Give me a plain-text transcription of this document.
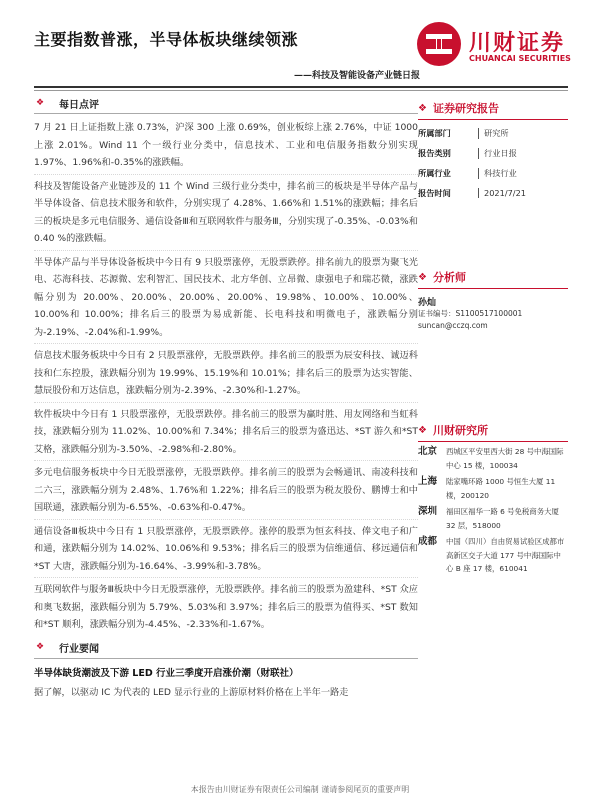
主要指数普涨，半导体板块继续领涨
——科技及智能设备产业链日报
川财证券
CHUANCAI SECURITIES
❖ 每日点评

7 月 21 日上证指数上涨 0.73%，沪深 300 上涨 0.69%，创业板综上涨 2.76%，中证 1000 上涨 2.01%。Wind 11 个一级行业分类中，信息技术、工业和电信服务指数分别实现 1.97%、1.96%和-0.35%的涨跌幅。

科技及智能设备产业链涉及的 11 个 Wind 三级行业分类中，排名前三的板块是半导体产品与半导体设备、信息技术服务和软件，分别实现了 4.28%、1.66%和 1.51%的涨跌幅；排名后三的板块是多元电信服务、通信设备Ⅲ和互联网软件与服务Ⅲ，分别实现了-0.35%、-0.03%和 0.40 %的涨跌幅。

半导体产品与半导体设备板块中今日有 9 只股票涨停，无股票跌停。排名前九的股票为聚飞光电、芯海科技、芯源微、宏利智汇、国民技术、北方华创、立昂微、康强电子和瑞芯微，涨跌幅分别为 20.00%、20.00%、20.00%、20.00%、19.98%、10.00%、10.00%、10.00%和 10.00%；排名后三的股票为易成新能、长电科技和明微电子，涨跌幅分别为-2.19%、-2.04%和-1.99%。

信息技术服务板块中今日有 2 只股票涨停，无股票跌停。排名前三的股票为辰安科技、诚迈科技和仁东控股，涨跌幅分别为 19.99%、15.19%和 10.01%；排名后三的股票为达实智能、慧辰股份和万达信息，涨跌幅分别为-2.39%、-2.30%和-1.27%。

软件板块中今日有 1 只股票涨停，无股票跌停。排名前三的股票为赢时胜、用友网络和当虹科技，涨跌幅分别为 11.02%、10.00%和 7.34%；排名后三的股票为盛迅达、*ST 游久和*ST 艾格，涨跌幅分别为-3.50%、-2.98%和-2.80%。

多元电信服务板块中今日无股票涨停，无股票跌停。排名前三的股票为会畅通讯、南凌科技和二六三，涨跌幅分别为 2.48%、1.76%和 1.22%；排名后三的股票为税友股份、鹏博士和中国联通，涨跌幅分别为-6.55%、-0.63%和-0.47%。

通信设备Ⅲ板块中今日有 1 只股票涨停，无股票跌停。涨停的股票为恒玄科技、俸文电子和广和通，涨跌幅分别为 14.02%、10.06%和 9.53%；排名后三的股票为信维通信、移远通信和*ST 大唐，涨跌幅分别为-16.64%、-3.99%和-3.78%。

互联网软件与服务Ⅲ板块中今日无股票涨停，无股票跌停。排名前三的股票为盈建科、*ST 众应和奥飞数据，涨跌幅分别为 5.79%、5.03%和 3.97%；排名后三的股票为值得买、*ST 数知和*ST 顺利，涨跌幅分别为-4.45%、-2.33%和-1.67%。

❖ 行业要闻
半导体缺货潮波及下游 LED 行业三季度开启涨价潮（财联社）

据了解，以驱动 IC 为代表的 LED 显示行业的上游原材料价格在上半年一路走

❖ 证券研究报告
所属部门	研究所
报告类别	行业日报
所属行业	科技行业
报告时间	2021/7/21
❖ 分析师
孙灿
证书编号：S1100517100001
suncan@cczq.com
❖ 川财研究所
北京	西城区平安里西大街 28 号中海国际中心 15 楼，100034
上海	陆家嘴环路 1000 号恒生大厦 11 楼，200120
深圳	福田区福华一路 6 号免税商务大厦 32 层，518000
成都	中国（四川）自由贸易试验区成都市高新区交子大道 177 号中海国际中心 B 座 17 楼，610041
本报告由川财证券有限责任公司编制 谨请参阅尾页的重要声明
